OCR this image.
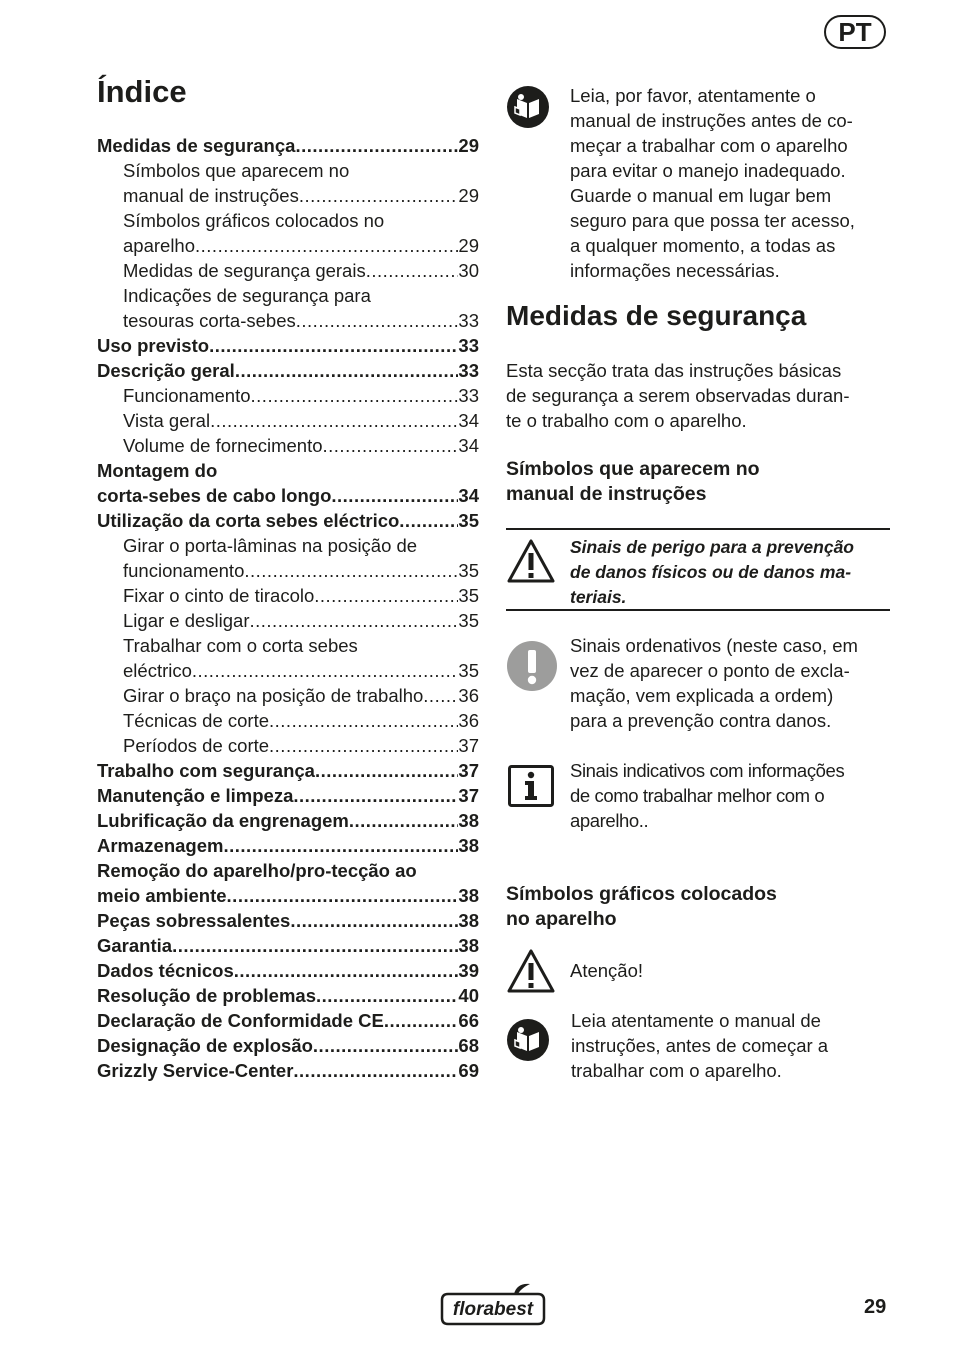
PT
Índice
Medidas de segurança .....	29
Símbolos que aparecem no
manual de instruções .....	29
Símbolos gráficos colocados no
aparelho .....	29
Medidas de segurança gerais .....	30
Indicações de segurança para
tesouras corta-sebes .....	33
Uso previsto .....	33
Descrição geral .....	33
Funcionamento .....	33
Vista geral .....	34
Volume de fornecimento .....	34
Montagem do
corta-sebes de cabo longo .....	34
Utilização da corta sebes eléctrico .....	35
Girar o porta-lâminas na posição de
funcionamento .....	35
Fixar o cinto de tiracolo .....	35
Ligar e desligar .....	35
Trabalhar com o corta sebes
eléctrico .....	35
Girar o braço na posição de trabalho ..... 36
Técnicas de corte .....	36
Períodos de corte .....	37
Trabalho com segurança .....	37
Manutenção e limpeza .....	37
Lubrificação da engrenagem .....	38
Armazenagem .....	38
Remoção do aparelho/pro-tecção ao
meio ambiente .....	38
Peças sobressalentes .....	38
Garantia .....	38
Dados técnicos .....	39
Resolução de problemas .....	40
Declaração de Conformidade CE .....	66
Designação de explosão .....	68
Grizzly Service-Center .....	69

Leia, por favor, atentamente o
manual de instruções antes de co-
meçar a trabalhar com o aparelho
para evitar o manejo inadequado.
Guarde o manual em lugar bem
seguro para que possa ter acesso,
a qualquer momento, a todas as
informações necessárias.

Medidas de segurança

Esta secção trata das instruções básicas
de segurança a serem observadas duran-
te o trabalho com o aparelho.

Símbolos que aparecem no
manual de instruções

Sinais de perigo para a prevenção
de danos físicos ou de danos ma-
teriais.

Sinais ordenativos (neste caso, em
vez de aparecer o ponto de excla-
mação, vem explicada a ordem)
para a prevenção contra danos.

Sinais indicativos com informações
de como trabalhar melhor com o
aparelho..

Símbolos gráficos colocados
no aparelho

Atenção!

Leia atentamente o manual de
instruções, antes de começar a
trabalhar com o aparelho.

florabest	29
